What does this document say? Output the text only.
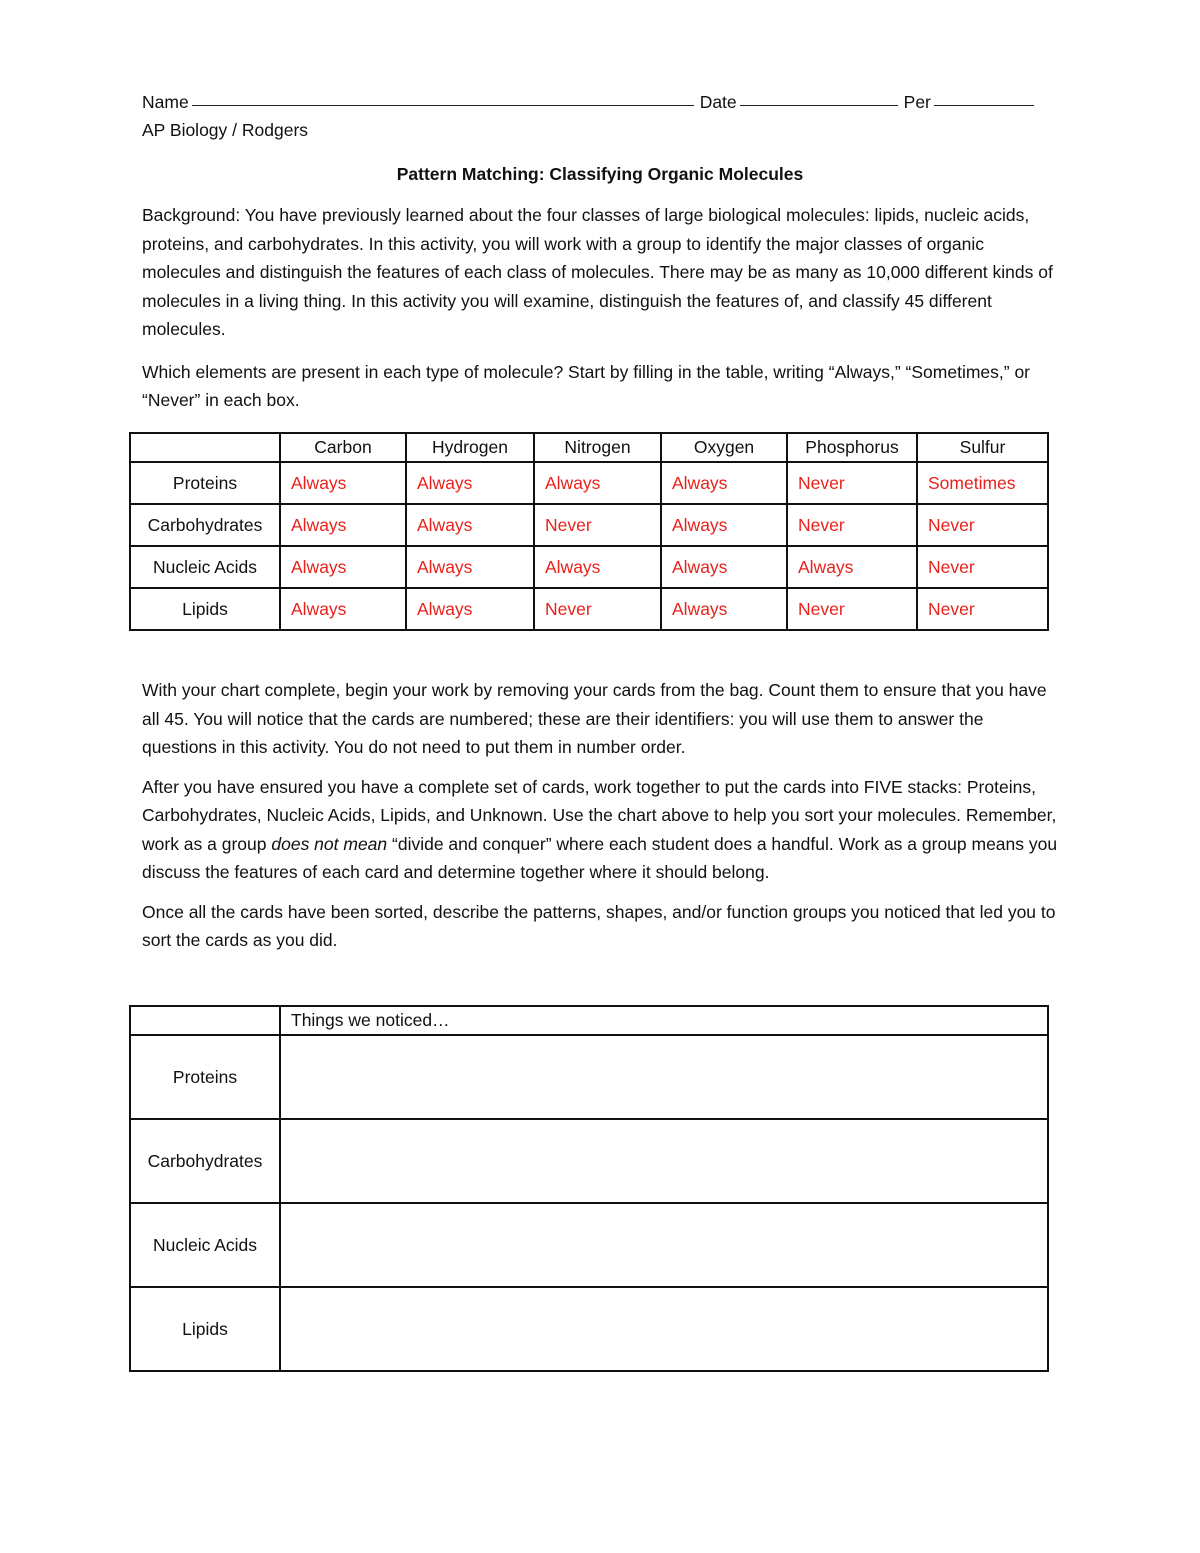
Name	Date	Per
AP Biology / Rodgers
Pattern Matching: Classifying Organic Molecules

Background: You have previously learned about the four classes of large biological molecules: lipids, nucleic acids, proteins, and carbohydrates. In this activity, you will work with a group to identify the major classes of organic molecules and distinguish the features of each class of molecules. There may be as many as 10,000 different kinds of molecules in a living thing. In this activity you will examine, distinguish the features of, and classify 45 different molecules.

Which elements are present in each type of molecule? Start by filling in the table, writing “Always,” “Sometimes,” or “Never” in each box.

	Carbon	Hydrogen	Nitrogen	Oxygen	Phosphorus	Sulfur
Proteins	Always	Always	Always	Always	Never	Sometimes
Carbohydrates	Always	Always	Never	Always	Never	Never
Nucleic Acids	Always	Always	Always	Always	Always	Never
Lipids	Always	Always	Never	Always	Never	Never

With your chart complete, begin your work by removing your cards from the bag. Count them to ensure that you have all 45. You will notice that the cards are numbered; these are their identifiers: you will use them to answer the questions in this activity. You do not need to put them in number order.

After you have ensured you have a complete set of cards, work together to put the cards into FIVE stacks: Proteins, Carbohydrates, Nucleic Acids, Lipids, and Unknown. Use the chart above to help you sort your molecules. Remember, work as a group does not mean “divide and conquer” where each student does a handful. Work as a group means you discuss the features of each card and determine together where it should belong.

Once all the cards have been sorted, describe the patterns, shapes, and/or function groups you noticed that led you to sort the cards as you did.

	Things we noticed…
Proteins	
Carbohydrates	
Nucleic Acids	
Lipids	
